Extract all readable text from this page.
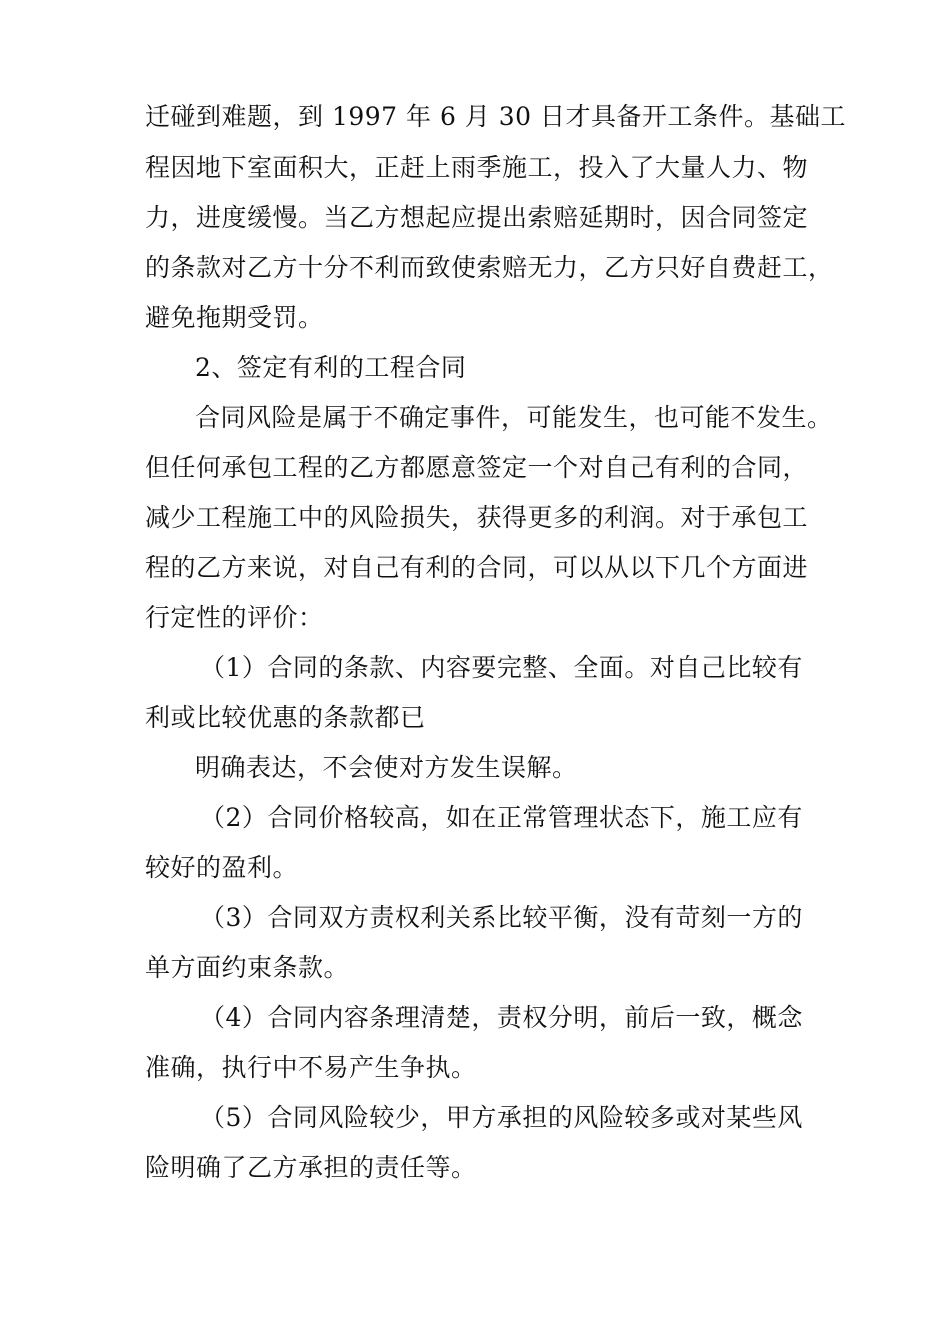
迁碰到难题，到 1997 年 6 月 30 日才具备开工条件。基础工
程因地下室面积大，正赶上雨季施工，投入了大量人力、物
力，进度缓慢。当乙方想起应提出索赔延期时，因合同签定
的条款对乙方十分不利而致使索赔无力，乙方只好自费赶工，
避免拖期受罚。
2、签定有利的工程合同
合同风险是属于不确定事件，可能发生，也可能不发生。
但任何承包工程的乙方都愿意签定一个对自己有利的合同，
减少工程施工中的风险损失，获得更多的利润。对于承包工
程的乙方来说，对自己有利的合同，可以从以下几个方面进
行定性的评价：
（1）合同的条款、内容要完整、全面。对自己比较有
利或比较优惠的条款都已
明确表达，不会使对方发生误解。
（2）合同价格较高，如在正常管理状态下，施工应有
较好的盈利。
（3）合同双方责权利关系比较平衡，没有苛刻一方的
单方面约束条款。
（4）合同内容条理清楚，责权分明，前后一致，概念
准确，执行中不易产生争执。
（5）合同风险较少，甲方承担的风险较多或对某些风
险明确了乙方承担的责任等。
